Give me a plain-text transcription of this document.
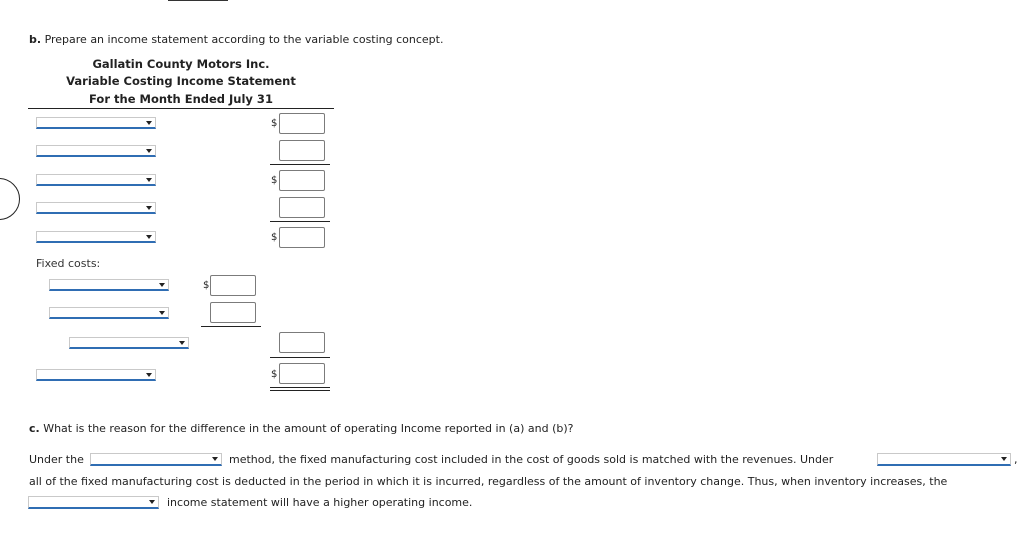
b. Prepare an income statement according to the variable costing concept.
Gallatin County Motors Inc.
Variable Costing Income Statement
For the Month Ended July 31
$
$
$
Fixed costs:
$
$
c. What is the reason for the difference in the amount of operating Income reported in (a) and (b)?
Under the	method, the fixed manufacturing cost included in the cost of goods sold is matched with the revenues. Under	,
all of the fixed manufacturing cost is deducted in the period in which it is incurred, regardless of the amount of inventory change. Thus, when inventory increases, the
income statement will have a higher operating income.
